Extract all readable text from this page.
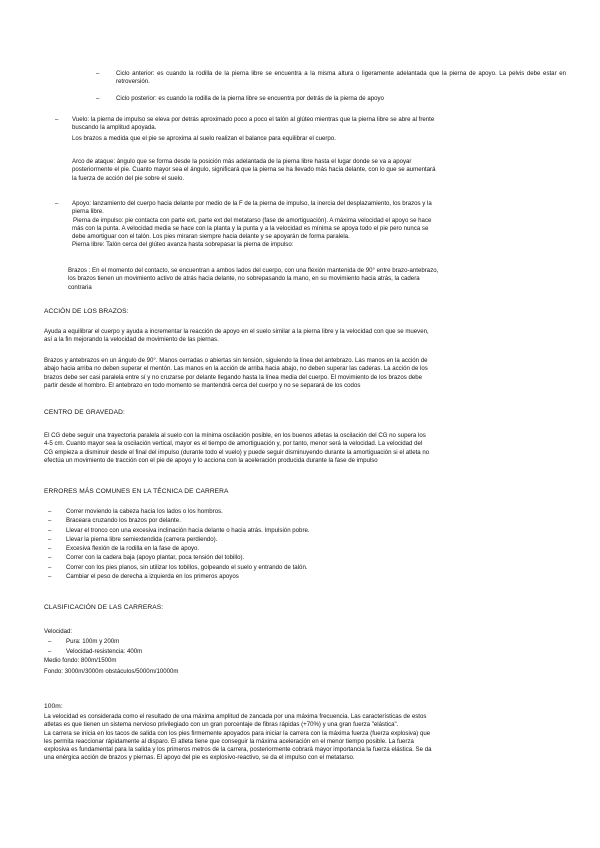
–	Ciclo anterior: es cuando la rodilla de la pierna libre se encuentra a la misma altura o ligeramente adelantada que la pierna de apoyo. La pelvis debe estar en retroversión.
–	Ciclo posterior: es cuando la rodilla de la pierna libre se encuentra por detrás de la pierna de apoyo
– Vuelo: la pierna de impulso se eleva por detrás aproximado poco a poco el talón al glúteo mientras que la pierna libre se abre al frente
buscando la amplitud apoyada.
Los brazos a medida que el pie se aproxima al suelo realizan el balance para equilibrar el cuerpo.
Arco de ataque: ángulo que se forma desde la posición más adelantada de la pierna libre hasta el lugar donde se va a apoyar
posteriormente el pie. Cuanto mayor sea el ángulo, significará que la pierna se ha llevado más hacia delante, con lo que se aumentará
la fuerza de acción del pie sobre el suelo.
– Apoyo: lanzamiento del cuerpo hacia delante por medio de la F de la pierna de impulso, la inercia del desplazamiento, los brazos y la
pierna libre.
Pierna de impulso: pie contacta con parte ext, parte ext del metatarso (fase de amortiguación). A máxima velocidad el apoyo se hace
más con la punta. A velocidad media se hace con la planta y la punta y a la velocidad es mínima se apoya todo el pie pero nunca se
debe amortiguar con el talón. Los pies miraran siempre hacia delante y se apoyarán de forma paralela.
Pierna libre: Talón cerca del glúteo avanza hasta sobrepasar la pierna de impulso:
Brazos : En el momento del contacto, se encuentran a ambos lados del cuerpo, con una flexión mantenida de 90° entre brazo-antebrazo,
los brazos tienen un movimiento activo de atrás hacia delante, no sobrepasando la mano, en su movimiento hacia atrás, la cadera
contraria
ACCIÓN DE LOS BRAZOS:
Ayuda a equilibrar el cuerpo y ayuda a incrementar la reacción de apoyo en el suelo similar a la pierna libre y la velocidad con que se mueven,
así a la fin mejorando la velocidad de movimiento de las piernas.
Brazos y antebrazos en un ángulo de 90°. Manos cerradas o abiertas sin tensión, siguiendo la línea del antebrazo. Las manos en la acción de
abajo hacia arriba no deben superar el mentón. Las manos en la acción de arriba hacia abajo, no deben superar las caderas. La acción de los
brazos debe ser casi paralela entre sí y no cruzarse por delante llegando hasta la línea media del cuerpo. El movimiento de los brazos debe
partir desde el hombro. El antebrazo en todo momento se mantendrá cerca del cuerpo y no se separará de los codos
CENTRO DE GRAVEDAD:
El CG debe seguir una trayectoria paralela al suelo con la mínima oscilación posible, en los buenos atletas la oscilación del CG no supera los
4-5 cm. Cuanto mayor sea la oscilación vertical, mayor es el tiempo de amortiguación y, por tanto, menor será la velocidad. La velocidad del
CG empieza a disminuir desde el final del impulso (durante todo el vuelo) y puede seguir disminuyendo durante la amortiguación si el atleta no
efectúa un movimiento de tracción con el pie de apoyo y lo acciona con la aceleración producida durante la fase de impulso
ERRORES MÁS COMUNES EN LA TÉCNICA DE CARRERA
– Correr moviendo la cabeza hacia los lados o los hombros.
– Braceara cruzando los brazos por delante.
– Llevar el tronco con una excesiva inclinación hacia delante o hacia atrás. Impulsión pobre.
– Llevar la pierna libre semiextendida (carrera perdiendo).
– Excesiva flexión de la rodilla en la fase de apoyo.
– Correr con la cadera baja (apoyo plantar, poca tensión del tobillo).
– Correr con los pies planos, sin utilizar los tobillos, golpeando el suelo y entrando de talón.
– Cambiar el peso de derecha a izquierda en los primeros apoyos
CLASIFICACIÓN DE LAS CARRERAS:
Velocidad:
– Pura: 100m y 200m
– Velocidad-resistencia: 400m
Medio fondo: 800m/1500m
Fondo: 3000m/3000m obstáculos/5000m/10000m
100m:
La velocidad es considerada como el resultado de una máxima amplitud de zancada por una máxima frecuencia. Las características de estos
atletas es que tienen un sistema nervioso privilegiado con un gran porcentaje de fibras rápidas (+70%) y una gran fuerza "elástica".
La carrera se inicia en los tacos de salida con los pies firmemente apoyados para iniciar la carrera con la máxima fuerza (fuerza explosiva) que
les permita reaccionar rápidamente al disparo. El atleta tiene que conseguir la máxima aceleración en el menor tiempo posible. La fuerza
explosiva es fundamental para la salida y los primeros metros de la carrera, posteriormente cobrará mayor importancia la fuerza elástica. Se da
una enérgica acción de brazos y piernas. El apoyo del pie es explosivo-reactivo, se da el impulso con el metatarso.
